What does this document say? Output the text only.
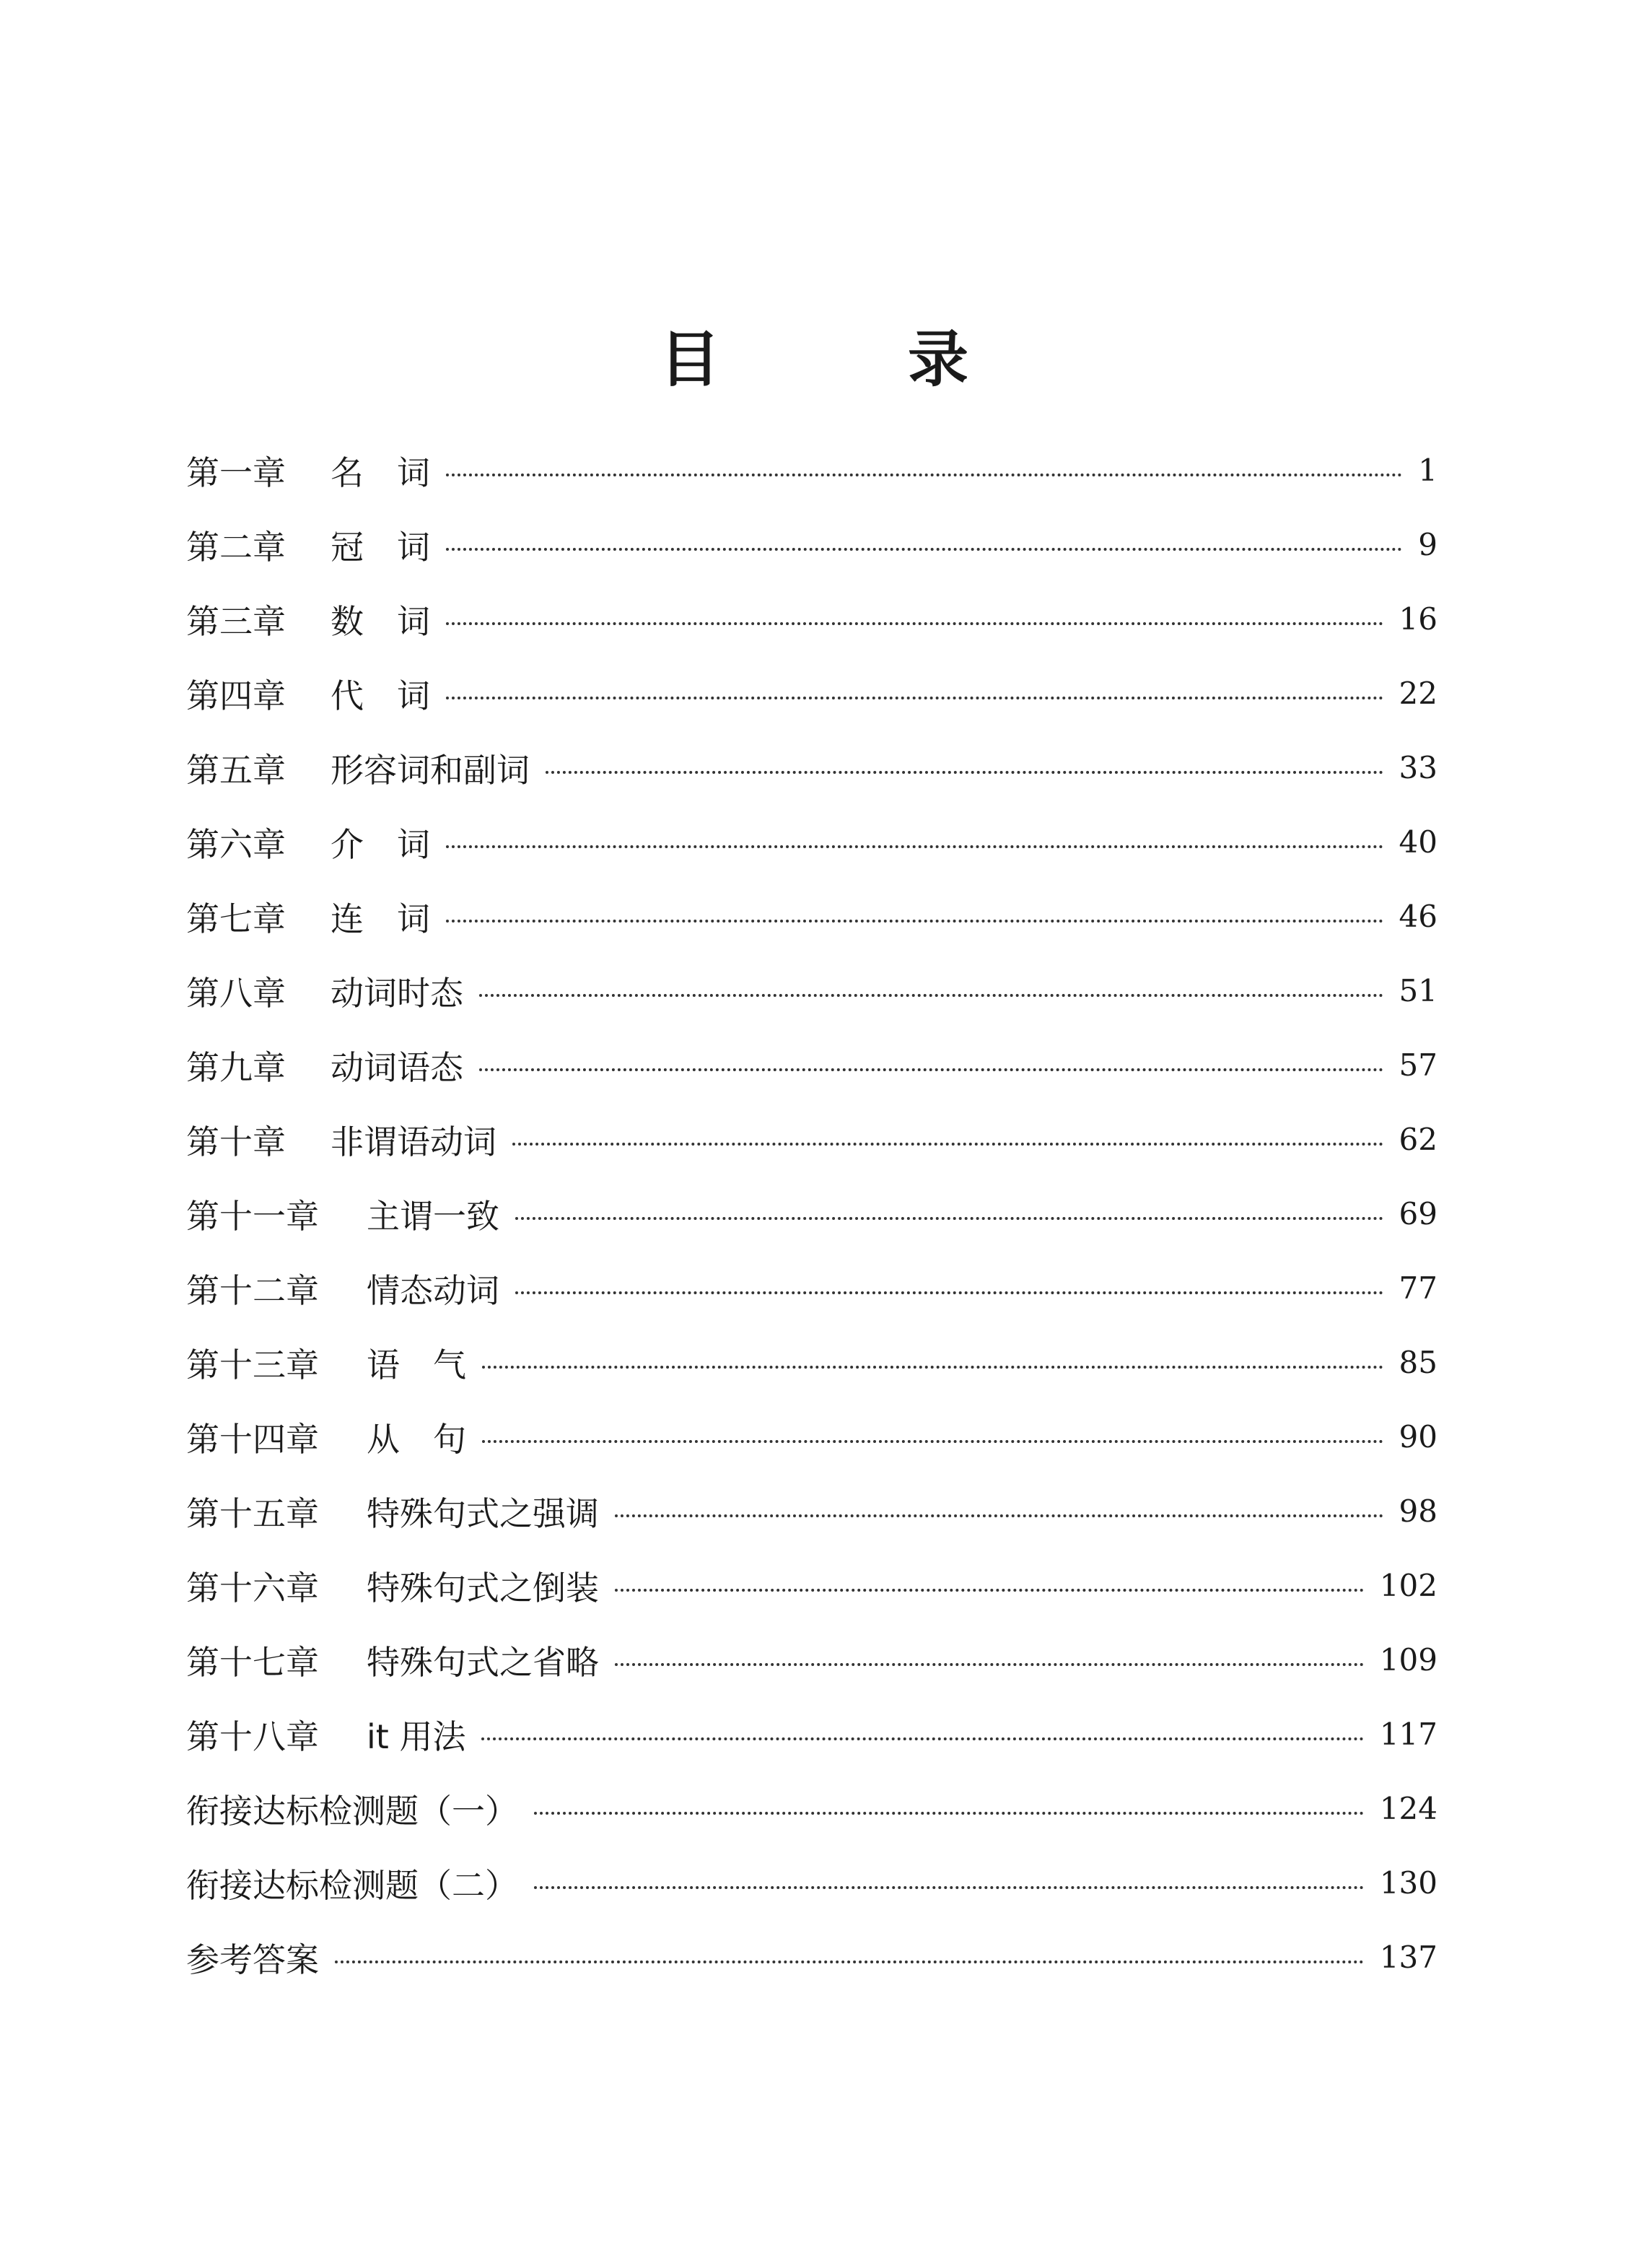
目　录
第一章	名　词	1
第二章	冠　词	9
第三章	数　词	16
第四章	代　词	22
第五章	形容词和副词	33
第六章	介　词	40
第七章	连　词	46
第八章	动词时态	51
第九章	动词语态	57
第十章	非谓语动词	62
第十一章	主谓一致	69
第十二章	情态动词	77
第十三章	语　气	85
第十四章	从　句	90
第十五章	特殊句式之强调	98
第十六章	特殊句式之倒装	102
第十七章	特殊句式之省略	109
第十八章	it 用法	117
衔接达标检测题（一）	124
衔接达标检测题（二）	130
参考答案	137
